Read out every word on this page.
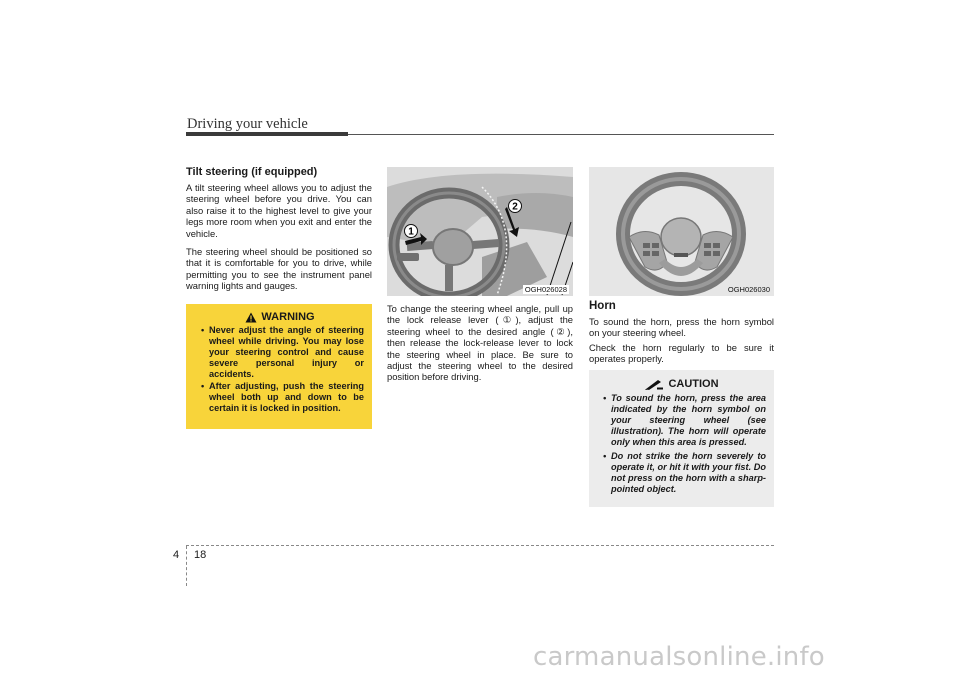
Driving your vehicle
Tilt steering (if equipped)

A tilt steering wheel allows you to adjust the steering wheel before you drive. You can also raise it to the highest level to give your legs more room when you exit and enter the vehicle.

The steering wheel should be positioned so that it is comfortable for you to drive, while permitting you to see the instrument panel warning lights and gauges.

WARNING
• Never adjust the angle of steering wheel while driving. You may lose your steering control and cause severe personal injury or accidents.
• After adjusting, push the steering wheel both up and down to be certain it is locked in position.
1
2
OGH026028

To change the steering wheel angle, pull up the lock release lever (①), adjust the steering wheel to the desired angle (②), then release the lock-release lever to lock the steering wheel in place. Be sure to adjust the steering wheel to the desired position before driving.

OGH026030
Horn

To sound the horn, press the horn symbol on your steering wheel.

Check the horn regularly to be sure it operates properly.

CAUTION
• To sound the horn, press the area indicated by the horn symbol on your steering wheel (see illustration). The horn will operate only when this area is pressed.
• Do not strike the horn severely to operate it, or hit it with your fist. Do not press on the horn with a sharp-pointed object.
4 18
carmanualsonline.info
